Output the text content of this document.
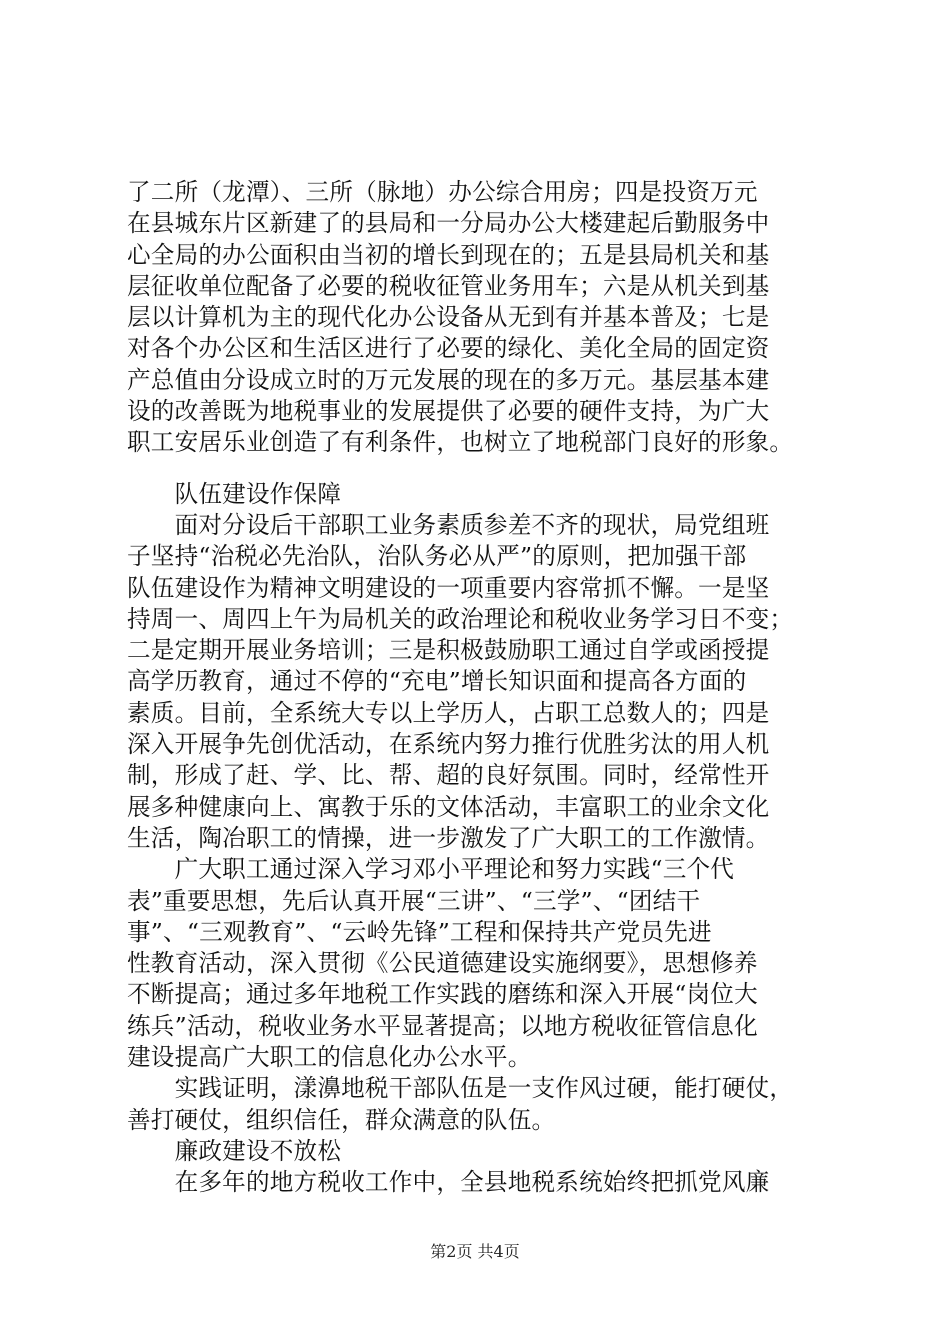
了二所（龙潭）、三所（脉地）办公综合用房；四是投资万元
在县城东片区新建了的县局和一分局办公大楼建起后勤服务中
心全局的办公面积由当初的增长到现在的；五是县局机关和基
层征收单位配备了必要的税收征管业务用车；六是从机关到基
层以计算机为主的现代化办公设备从无到有并基本普及；七是
对各个办公区和生活区进行了必要的绿化、美化全局的固定资
产总值由分设成立时的万元发展的现在的多万元。基层基本建
设的改善既为地税事业的发展提供了必要的硬件支持，为广大
职工安居乐业创造了有利条件，也树立了地税部门良好的形象。
　　队伍建设作保障
　　面对分设后干部职工业务素质参差不齐的现状，局党组班
子坚持“治税必先治队，治队务必从严”的原则，把加强干部
队伍建设作为精神文明建设的一项重要内容常抓不懈。一是坚
持周一、周四上午为局机关的政治理论和税收业务学习日不变；
二是定期开展业务培训；三是积极鼓励职工通过自学或函授提
高学历教育，通过不停的“充电”增长知识面和提高各方面的
素质。目前，全系统大专以上学历人，占职工总数人的；四是
深入开展争先创优活动，在系统内努力推行优胜劣汰的用人机
制，形成了赶、学、比、帮、超的良好氛围。同时，经常性开
展多种健康向上、寓教于乐的文体活动，丰富职工的业余文化
生活，陶冶职工的情操，进一步激发了广大职工的工作激情。
　　广大职工通过深入学习邓小平理论和努力实践“三个代
表”重要思想，先后认真开展“三讲”、“三学”、“团结干
事”、“三观教育”、“云岭先锋”工程和保持共产党员先进
性教育活动，深入贯彻《公民道德建设实施纲要》，思想修养
不断提高；通过多年地税工作实践的磨练和深入开展“岗位大
练兵”活动，税收业务水平显著提高；以地方税收征管信息化
建设提高广大职工的信息化办公水平。
　　实践证明，漾濞地税干部队伍是一支作风过硬，能打硬仗，
善打硬仗，组织信任，群众满意的队伍。
　　廉政建设不放松
　　在多年的地方税收工作中，全县地税系统始终把抓党风廉
第2页 共4页
